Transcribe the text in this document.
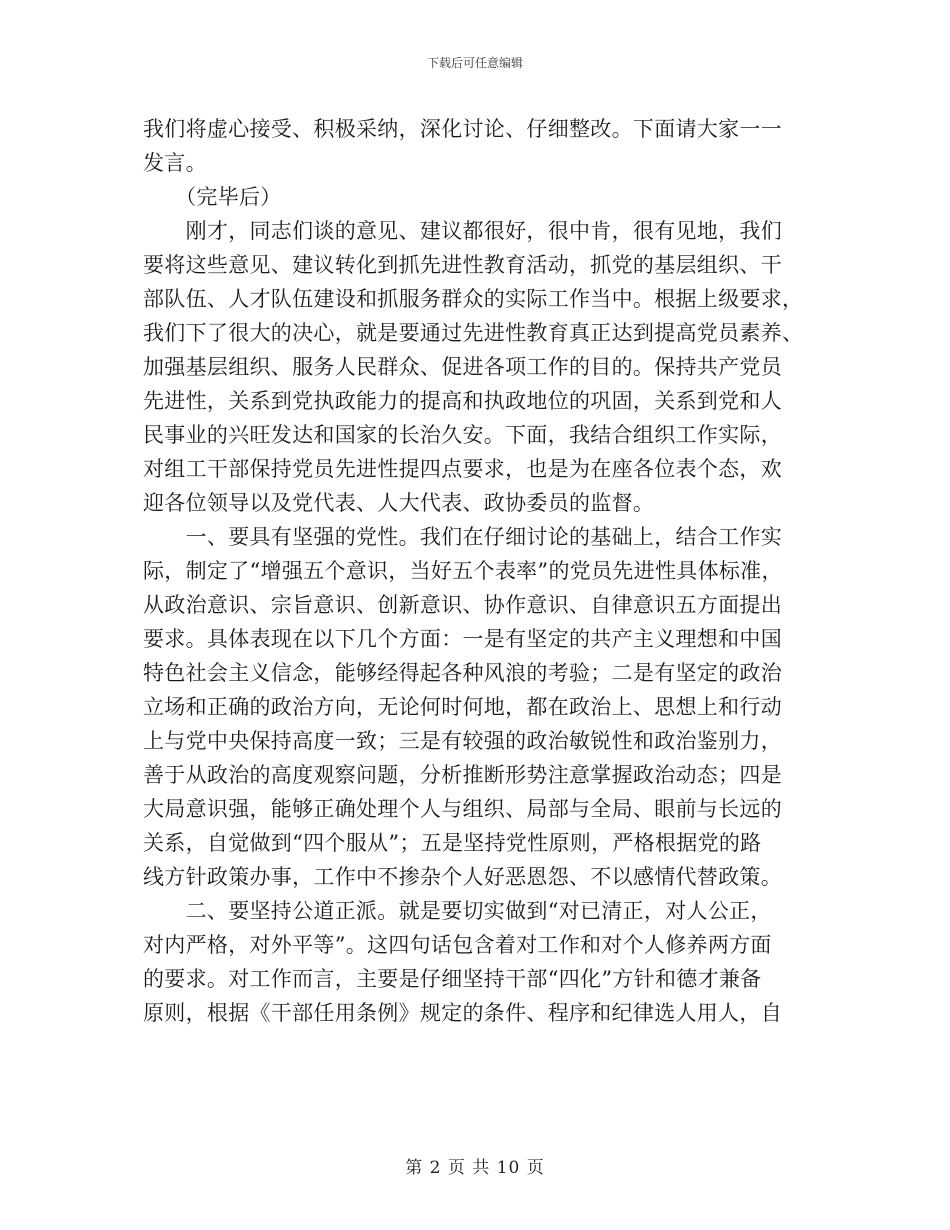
下载后可任意编辑
我们将虚心接受、积极采纳，深化讨论、仔细整改。下面请大家一一
发言。
　　（完毕后）
　　刚才，同志们谈的意见、建议都很好，很中肯，很有见地，我们
要将这些意见、建议转化到抓先进性教育活动，抓党的基层组织、干
部队伍、人才队伍建设和抓服务群众的实际工作当中。根据上级要求，
我们下了很大的决心，就是要通过先进性教育真正达到提高党员素养、
加强基层组织、服务人民群众、促进各项工作的目的。保持共产党员
先进性，关系到党执政能力的提高和执政地位的巩固，关系到党和人
民事业的兴旺发达和国家的长治久安。下面，我结合组织工作实际，
对组工干部保持党员先进性提四点要求，也是为在座各位表个态，欢
迎各位领导以及党代表、人大代表、政协委员的监督。
　　一、要具有坚强的党性。我们在仔细讨论的基础上，结合工作实
际，制定了“增强五个意识，当好五个表率”的党员先进性具体标准，
从政治意识、宗旨意识、创新意识、协作意识、自律意识五方面提出
要求。具体表现在以下几个方面：一是有坚定的共产主义理想和中国
特色社会主义信念，能够经得起各种风浪的考验；二是有坚定的政治
立场和正确的政治方向，无论何时何地，都在政治上、思想上和行动
上与党中央保持高度一致；三是有较强的政治敏锐性和政治鉴别力，
善于从政治的高度观察问题，分析推断形势注意掌握政治动态；四是
大局意识强，能够正确处理个人与组织、局部与全局、眼前与长远的
关系，自觉做到“四个服从”；五是坚持党性原则，严格根据党的路
线方针政策办事，工作中不掺杂个人好恶恩怨、不以感情代替政策。
　　二、要坚持公道正派。就是要切实做到“对已清正，对人公正，
对内严格，对外平等”。这四句话包含着对工作和对个人修养两方面
的要求。对工作而言，主要是仔细坚持干部“四化”方针和德才兼备
原则，根据《干部任用条例》规定的条件、程序和纪律选人用人，自
第 2 页 共 10 页
